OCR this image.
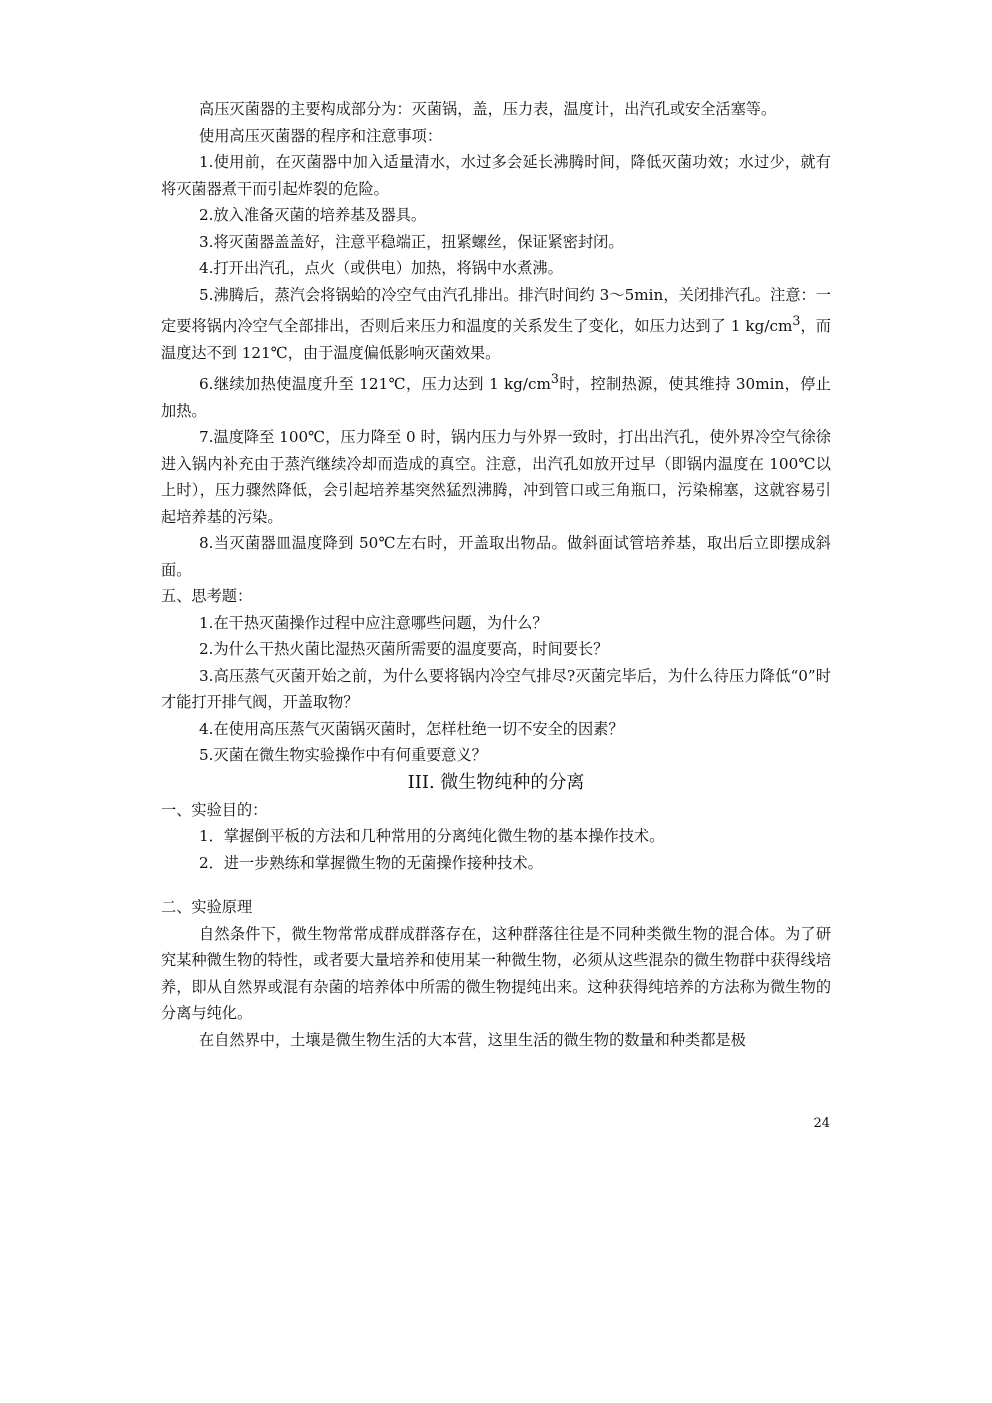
高压灭菌器的主要构成部分为：灭菌锅，盖，压力表，温度计，出汽孔或安全活塞等。

使用高压灭菌器的程序和注意事项：

1.使用前，在灭菌器中加入适量清水，水过多会延长沸腾时间，降低灭菌功效；水过少，就有将灭菌器煮干而引起炸裂的危险。

2.放入准备灭菌的培养基及器具。

3.将灭菌器盖盖好，注意平稳端正，扭紧螺丝，保证紧密封闭。

4.打开出汽孔，点火（或供电）加热，将锅中水煮沸。

5.沸腾后，蒸汽会将锅蛤的冷空气由汽孔排出。排汽时间约 3～5min，关闭排汽孔。注意：一定要将锅内冷空气全部排出，否则后来压力和温度的关系发生了变化，如压力达到了 1 $kg/cm^3$，而温度达不到 121℃，由于温度偏低影响灭菌效果。

6.继续加热使温度升至 121℃，压力达到 1 $kg/cm^3$时，控制热源，使其维持 30min，停止加热。

7.温度降至 100℃，压力降至 0 时，锅内压力与外界一致时，打出出汽孔，使外界冷空气徐徐进入锅内补充由于蒸汽继续冷却而造成的真空。注意，出汽孔如放开过早（即锅内温度在 100℃以上时），压力骤然降低，会引起培养基突然猛烈沸腾，冲到管口或三角瓶口，污染棉塞，这就容易引起培养基的污染。

8.当灭菌器皿温度降到 50℃左右时，开盖取出物品。做斜面试管培养基，取出后立即摆成斜面。

五、思考题：

1.在干热灭菌操作过程中应注意哪些问题，为什么？

2.为什么干热火菌比湿热灭菌所需要的温度要高，时间要长？

3.高压蒸气灭菌开始之前，为什么要将锅内冷空气排尽?灭菌完毕后，为什么待压力降低“0”时才能打开排气阀，开盖取物？

4.在使用高压蒸气灭菌锅灭菌时，怎样杜绝一切不安全的因素？

5.灭菌在微生物实验操作中有何重要意义？

III. 微生物纯种的分离

一、实验目的：

1．掌握倒平板的方法和几种常用的分离纯化微生物的基本操作技术。

2．进一步熟练和掌握微生物的无菌操作接种技术。

二、实验原理

自然条件下，微生物常常成群成群落存在，这种群落往往是不同种类微生物的混合体。为了研究某种微生物的特性，或者要大量培养和使用某一种微生物，必须从这些混杂的微生物群中获得线培养，即从自然界或混有杂菌的培养体中所需的微生物提纯出来。这种获得纯培养的方法称为微生物的分离与纯化。

在自然界中，土壤是微生物生活的大本营，这里生活的微生物的数量和种类都是极

24
